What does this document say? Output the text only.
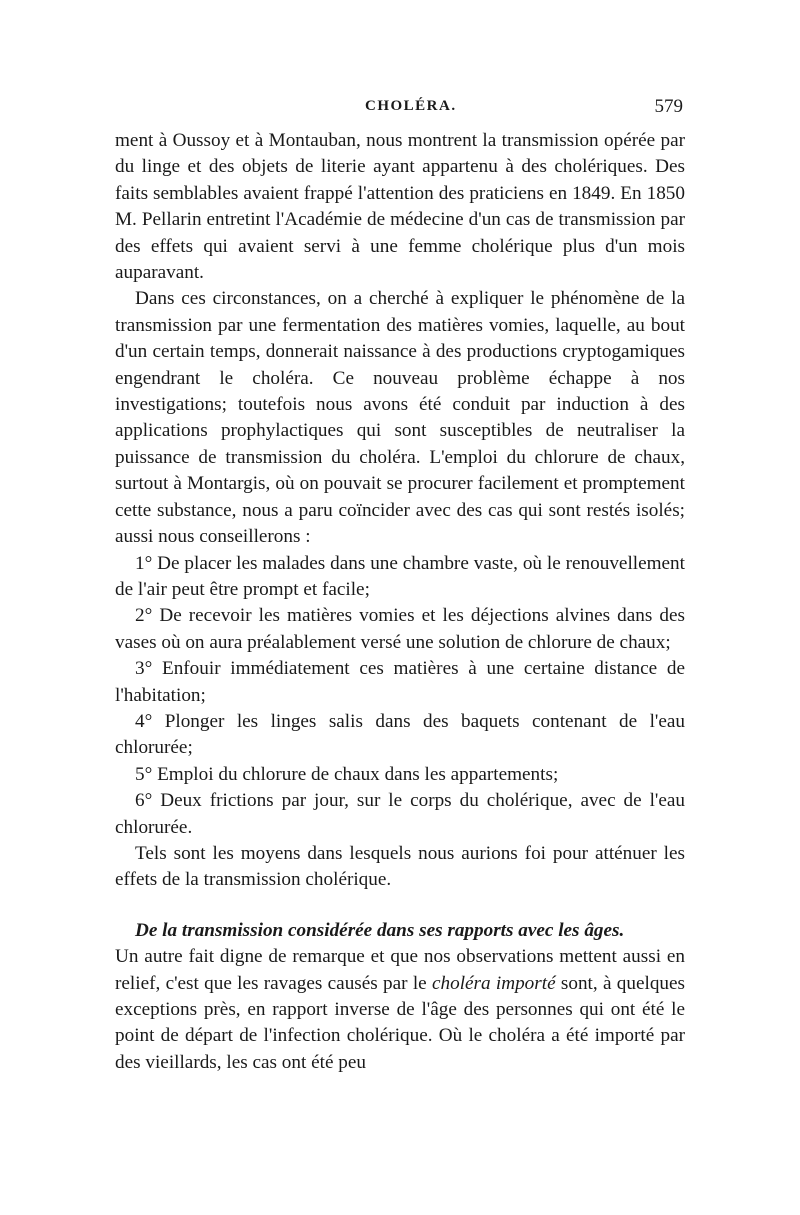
CHOLÉRA.	579

ment à Oussoy et à Montauban, nous montrent la transmission opérée par du linge et des objets de literie ayant appartenu à des cholériques. Des faits semblables avaient frappé l'attention des praticiens en 1849. En 1850 M. Pellarin entretint l'Académie de médecine d'un cas de transmission par des effets qui avaient servi à une femme cholérique plus d'un mois auparavant.

Dans ces circonstances, on a cherché à expliquer le phénomène de la transmission par une fermentation des matières vomies, laquelle, au bout d'un certain temps, donnerait naissance à des productions cryptogamiques engendrant le choléra. Ce nouveau problème échappe à nos investigations; toutefois nous avons été conduit par induction à des applications prophylactiques qui sont susceptibles de neutraliser la puissance de transmission du choléra. L'emploi du chlorure de chaux, surtout à Montargis, où on pouvait se procurer facilement et promptement cette substance, nous a paru coïncider avec des cas qui sont restés isolés; aussi nous conseillerons :

1° De placer les malades dans une chambre vaste, où le renouvellement de l'air peut être prompt et facile;

2° De recevoir les matières vomies et les déjections alvines dans des vases où on aura préalablement versé une solution de chlorure de chaux;

3° Enfouir immédiatement ces matières à une certaine distance de l'habitation;

4° Plonger les linges salis dans des baquets contenant de l'eau chlorurée;

5° Emploi du chlorure de chaux dans les appartements;

6° Deux frictions par jour, sur le corps du cholérique, avec de l'eau chlorurée.

Tels sont les moyens dans lesquels nous aurions foi pour atténuer les effets de la transmission cholérique.

De la transmission considérée dans ses rapports avec les âges.

Un autre fait digne de remarque et que nos observations mettent aussi en relief, c'est que les ravages causés par le choléra importé sont, à quelques exceptions près, en rapport inverse de l'âge des personnes qui ont été le point de départ de l'infection cholérique. Où le choléra a été importé par des vieillards, les cas ont été peu
